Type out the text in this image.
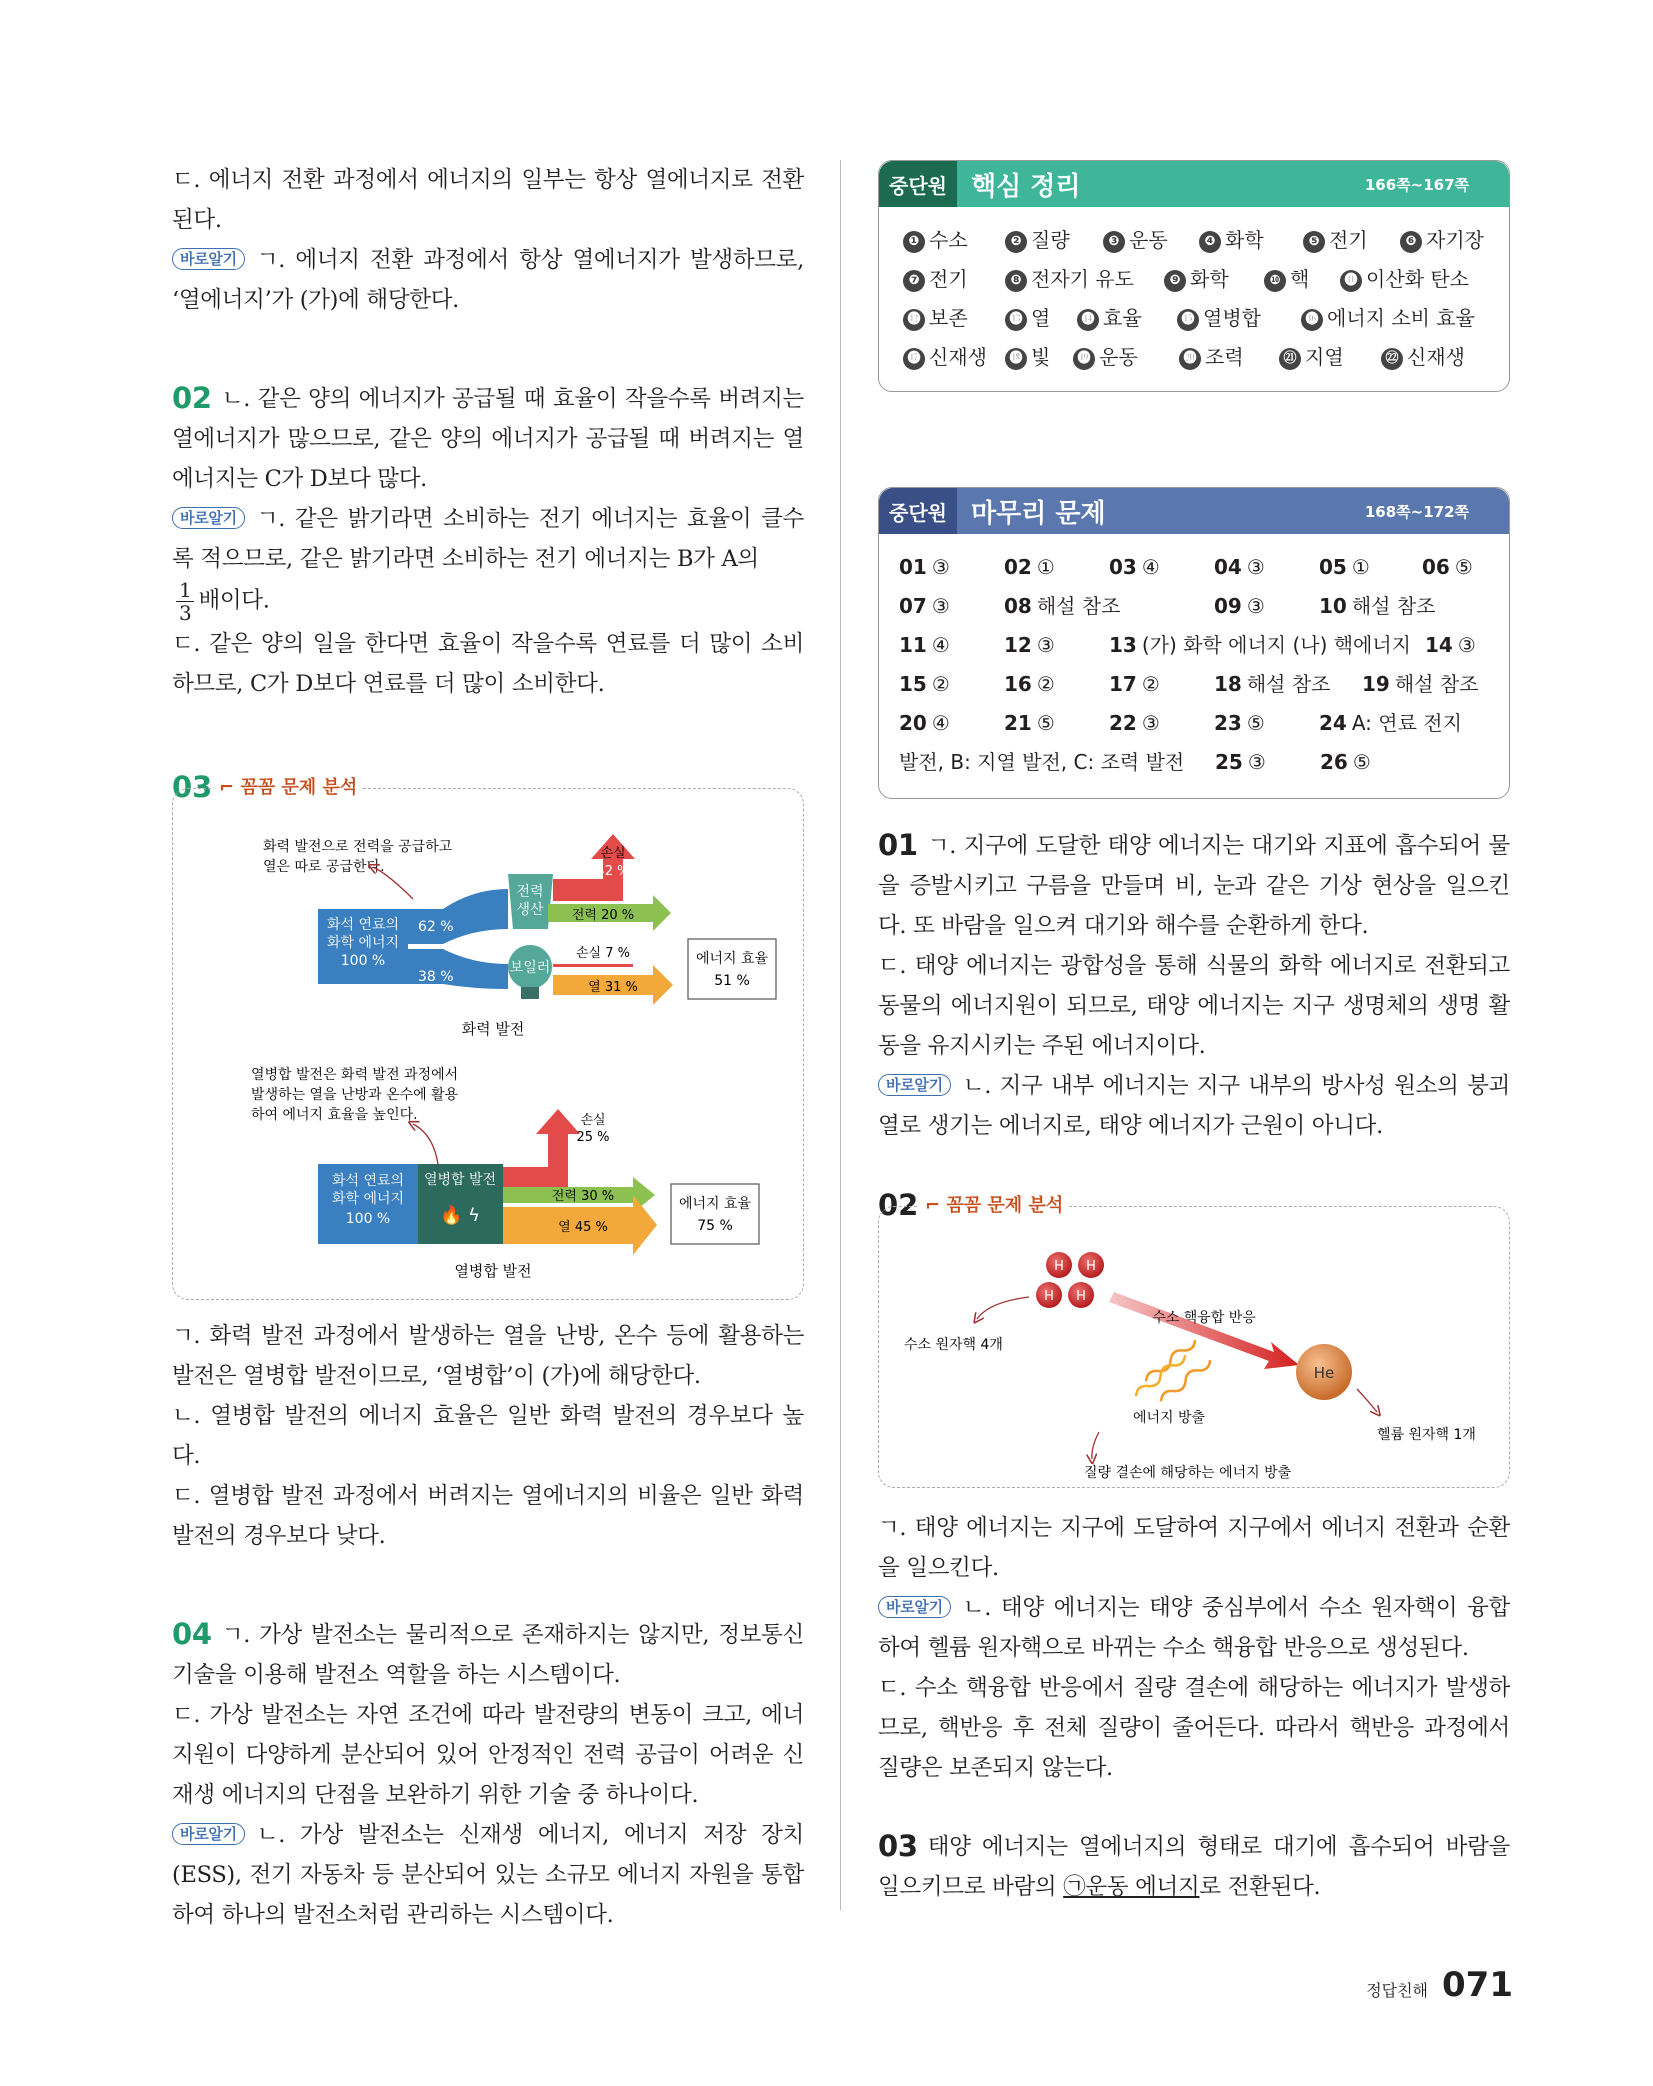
ㄷ. 에너지 전환 과정에서 에너지의 일부는 항상 열에너지로 전환된다.

바로알기 ㄱ. 에너지 전환 과정에서 항상 열에너지가 발생하므로, ‘열에너지’가 (가)에 해당한다.

02 ㄴ. 같은 양의 에너지가 공급될 때 효율이 작을수록 버려지는 열에너지가 많으므로, 같은 양의 에너지가 공급될 때 버려지는 열에너지는 C가 D보다 많다.

바로알기 ㄱ. 같은 밝기라면 소비하는 전기 에너지는 효율이 클수록 적으므로, 같은 밝기라면 소비하는 전기 에너지는 B가 A의

$\frac{1}{3}$ 배이다.

ㄷ. 같은 양의 일을 한다면 효율이 작을수록 연료를 더 많이 소비하므로, C가 D보다 연료를 더 많이 소비한다.

03 ⌐ 꼼꼼 문제 분석
화력 발전으로 전력을 공급하고
열은 따로 공급한다.
화석 연료의
화학 에너지
100 %
62 %
38 %
전력
생산
손실
42 %
전력 20 %
보일러
열 31 %
손실 7 %	에너지 효율
51 %
화력 발전
열병합 발전은 화력 발전 과정에서
발생하는 열을 난방과 온수에 활용
하여 에너지 효율을 높인다.
화석 연료의
화학 에너지
100 %
열병합 발전
🔥 ϟ
손실
25 %
전력 30 %
열 45 %
에너지 효율
75 %
열병합 발전

ㄱ. 화력 발전 과정에서 발생하는 열을 난방, 온수 등에 활용하는 발전은 열병합 발전이므로, ‘열병합’이 (가)에 해당한다.

ㄴ. 열병합 발전의 에너지 효율은 일반 화력 발전의 경우보다 높다.

ㄷ. 열병합 발전 과정에서 버려지는 열에너지의 비율은 일반 화력 발전의 경우보다 낮다.

04 ㄱ. 가상 발전소는 물리적으로 존재하지는 않지만, 정보통신 기술을 이용해 발전소 역할을 하는 시스템이다.

ㄷ. 가상 발전소는 자연 조건에 따라 발전량의 변동이 크고, 에너지원이 다양하게 분산되어 있어 안정적인 전력 공급이 어려운 신재생 에너지의 단점을 보완하기 위한 기술 중 하나이다.

바로알기 ㄴ. 가상 발전소는 신재생 에너지, 에너지 저장 장치(ESS), 전기 자동차 등 분산되어 있는 소규모 에너지 자원을 통합하여 하나의 발전소처럼 관리하는 시스템이다.

중단원 핵심 정리	166쪽~167쪽
❶ 수소	❷ 질량	❸ 운동	❹ 화학	❺ 전기	❻ 자기장
❼ 전기	❽ 전자기 유도	❾ 화학	❿ 핵	⓫ 이산화 탄소
⓬ 보존	⓭ 열	⓮ 효율	⓯ 열병합	⓰ 에너지 소비 효율
⓱ 신재생	⓲ 빛	⓳ 운동	⓴ 조력	㉑ 지열	㉒ 신재생
중단원 마무리 문제	168쪽~172쪽
01 ③	02 ①	03 ④	04 ③	05 ①	06 ⑤
07 ③	08 해설 참조	09 ③	10 해설 참조
11 ④	12 ③	13 (가) 화학 에너지 (나) 핵에너지 14 ③
15 ②	16 ②	17 ②	18 해설 참조	19 해설 참조
20 ④	21 ⑤	22 ③	23 ⑤	24 A: 연료 전지
발전, B: 지열 발전, C: 조력 발전	25 ③	26 ⑤

01 ㄱ. 지구에 도달한 태양 에너지는 대기와 지표에 흡수되어 물을 증발시키고 구름을 만들며 비, 눈과 같은 기상 현상을 일으킨다. 또 바람을 일으켜 대기와 해수를 순환하게 한다.

ㄷ. 태양 에너지는 광합성을 통해 식물의 화학 에너지로 전환되고 동물의 에너지원이 되므로, 태양 에너지는 지구 생명체의 생명 활동을 유지시키는 주된 에너지이다.

바로알기 ㄴ. 지구 내부 에너지는 지구 내부의 방사성 원소의 붕괴열로 생기는 에너지로, 태양 에너지가 근원이 아니다.

02 ⌐ 꼼꼼 문제 분석
H H
H H
수소 원자핵 4개
수소 핵융합 반응
에너지 방출
He
헬륨 원자핵 1개
질량 결손에 해당하는 에너지 방출

ㄱ. 태양 에너지는 지구에 도달하여 지구에서 에너지 전환과 순환을 일으킨다.

바로알기 ㄴ. 태양 에너지는 태양 중심부에서 수소 원자핵이 융합하여 헬륨 원자핵으로 바뀌는 수소 핵융합 반응으로 생성된다.

ㄷ. 수소 핵융합 반응에서 질량 결손에 해당하는 에너지가 발생하므로, 핵반응 후 전체 질량이 줄어든다. 따라서 핵반응 과정에서 질량은 보존되지 않는다.

03 태양 에너지는 열에너지의 형태로 대기에 흡수되어 바람을 일으키므로 바람의 ㉠운동 에너지로 전환된다.

정답친해 071
